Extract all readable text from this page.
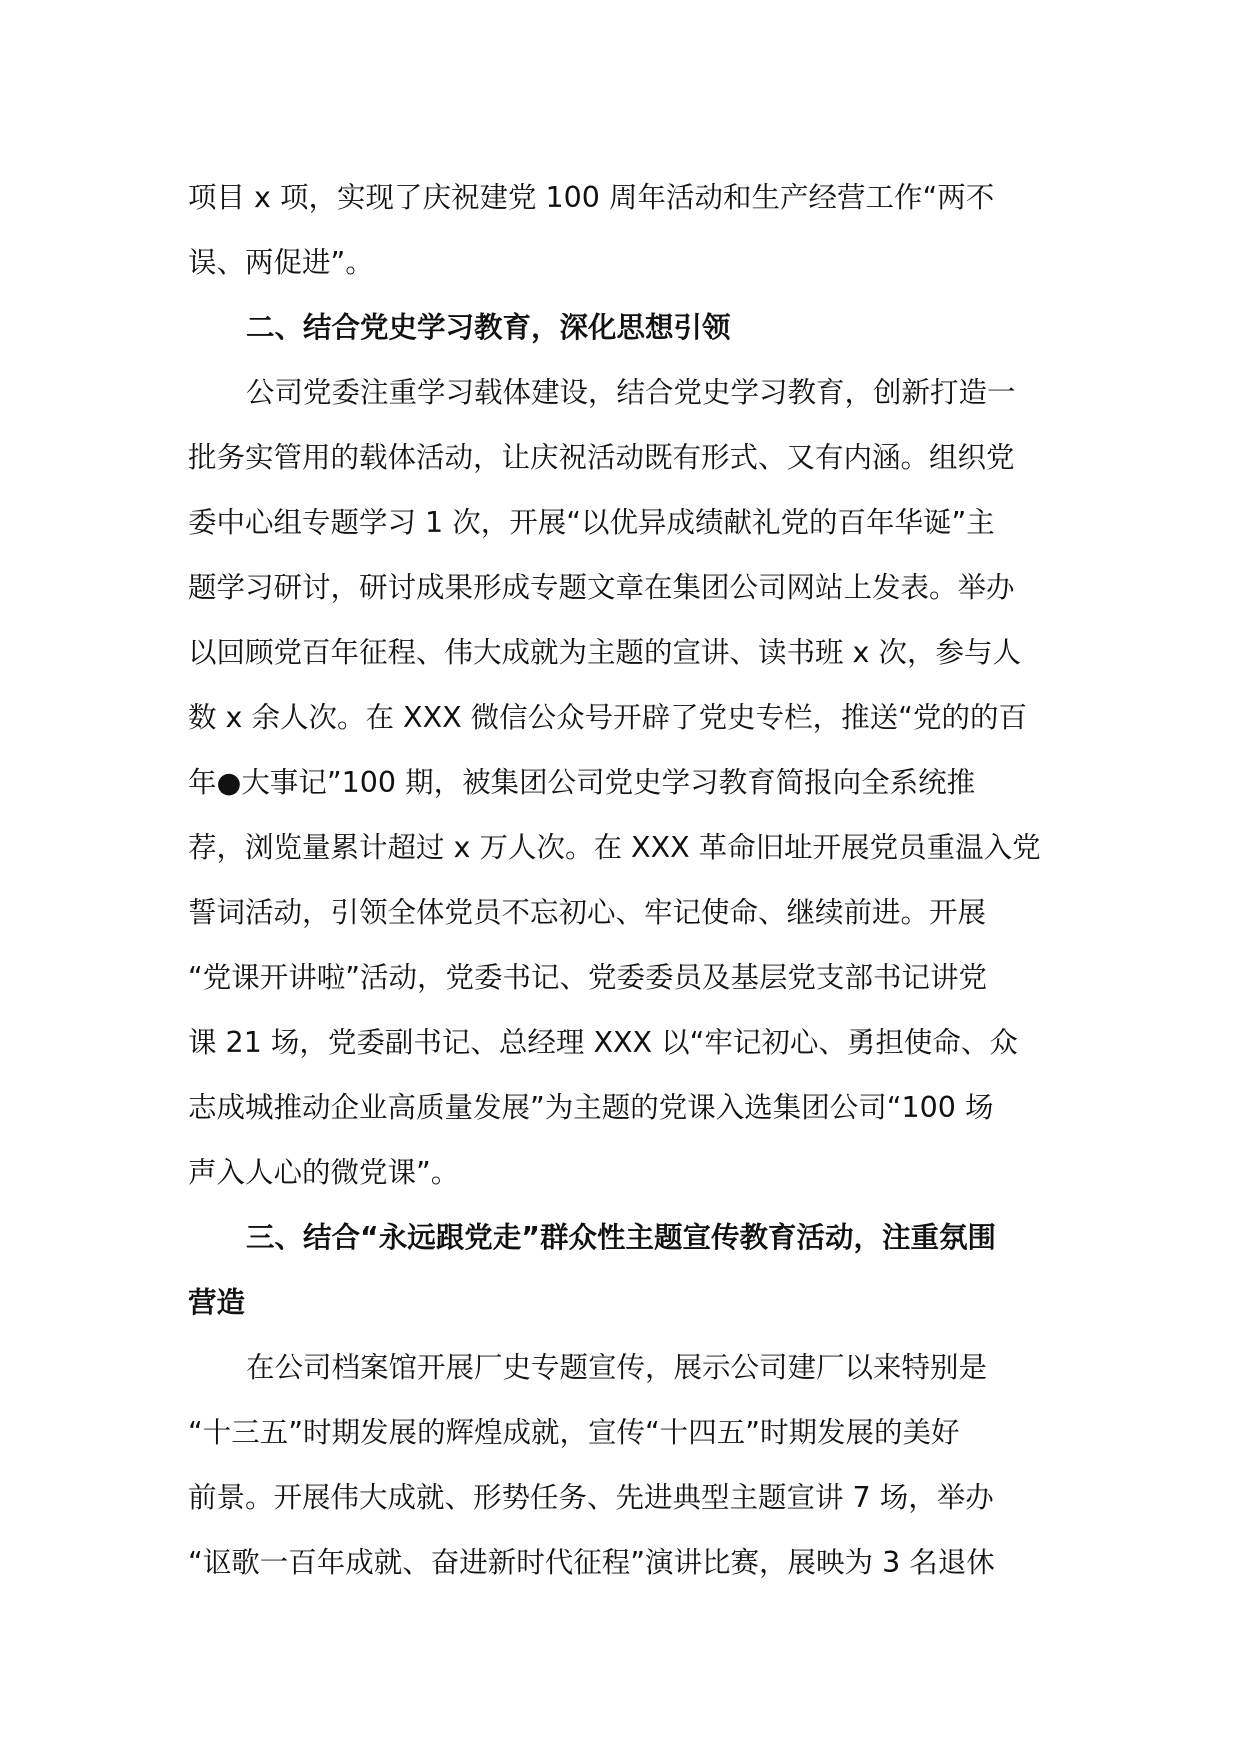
项目 x 项，实现了庆祝建党 100 周年活动和生产经营工作“两不
误、两促进”。
二、结合党史学习教育，深化思想引领
公司党委注重学习载体建设，结合党史学习教育，创新打造一
批务实管用的载体活动，让庆祝活动既有形式、又有内涵。组织党
委中心组专题学习 1 次，开展“以优异成绩献礼党的百年华诞”主
题学习研讨，研讨成果形成专题文章在集团公司网站上发表。举办
以回顾党百年征程、伟大成就为主题的宣讲、读书班 x 次，参与人
数 x 余人次。在 XXX 微信公众号开辟了党史专栏，推送“党的的百
年●大事记”100 期，被集团公司党史学习教育简报向全系统推
荐，浏览量累计超过 x 万人次。在 XXX 革命旧址开展党员重温入党
誓词活动，引领全体党员不忘初心、牢记使命、继续前进。开展
“党课开讲啦”活动，党委书记、党委委员及基层党支部书记讲党
课 21 场，党委副书记、总经理 XXX 以“牢记初心、勇担使命、众
志成城推动企业高质量发展”为主题的党课入选集团公司“100 场
声入人心的微党课”。
三、结合“永远跟党走”群众性主题宣传教育活动，注重氛围
营造
在公司档案馆开展厂史专题宣传，展示公司建厂以来特别是
“十三五”时期发展的辉煌成就，宣传“十四五”时期发展的美好
前景。开展伟大成就、形势任务、先进典型主题宣讲 7 场，举办
“讴歌一百年成就、奋进新时代征程”演讲比赛，展映为 3 名退休
